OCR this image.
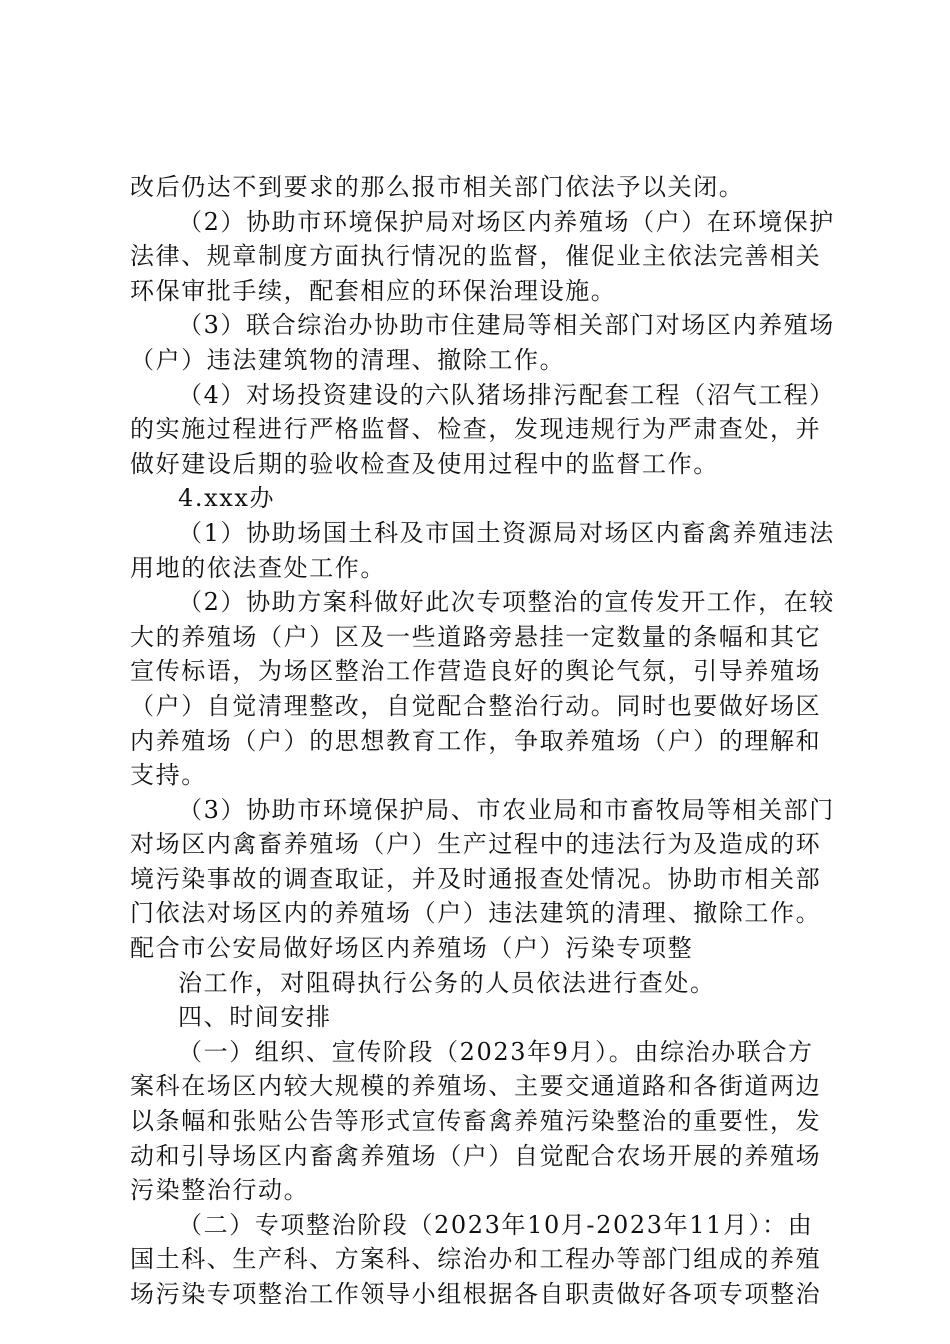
改后仍达不到要求的那么报市相关部门依法予以关闭。
（2）协助市环境保护局对场区内养殖场（户）在环境保护
法律、规章制度方面执行情况的监督，催促业主依法完善相关
环保审批手续，配套相应的环保治理设施。
（3）联合综治办协助市住建局等相关部门对场区内养殖场
（户）违法建筑物的清理、撤除工作。
（4）对场投资建设的六队猪场排污配套工程（沼气工程）
的实施过程进行严格监督、检查，发现违规行为严肃查处，并
做好建设后期的验收检查及使用过程中的监督工作。
4.xxx办
（1）协助场国土科及市国土资源局对场区内畜禽养殖违法
用地的依法查处工作。
（2）协助方案科做好此次专项整治的宣传发开工作，在较
大的养殖场（户）区及一些道路旁悬挂一定数量的条幅和其它
宣传标语，为场区整治工作营造良好的舆论气氛，引导养殖场
（户）自觉清理整改，自觉配合整治行动。同时也要做好场区
内养殖场（户）的思想教育工作，争取养殖场（户）的理解和
支持。
（3）协助市环境保护局、市农业局和市畜牧局等相关部门
对场区内禽畜养殖场（户）生产过程中的违法行为及造成的环
境污染事故的调查取证，并及时通报查处情况。协助市相关部
门依法对场区内的养殖场（户）违法建筑的清理、撤除工作。
配合市公安局做好场区内养殖场（户）污染专项整
治工作，对阻碍执行公务的人员依法进行查处。
四、时间安排
（一）组织、宣传阶段（2023年9月）。由综治办联合方
案科在场区内较大规模的养殖场、主要交通道路和各街道两边
以条幅和张贴公告等形式宣传畜禽养殖污染整治的重要性，发
动和引导场区内畜禽养殖场（户）自觉配合农场开展的养殖场
污染整治行动。
（二）专项整治阶段（2023年10月-2023年11月）：由
国土科、生产科、方案科、综治办和工程办等部门组成的养殖
场污染专项整治工作领导小组根据各自职责做好各项专项整治
